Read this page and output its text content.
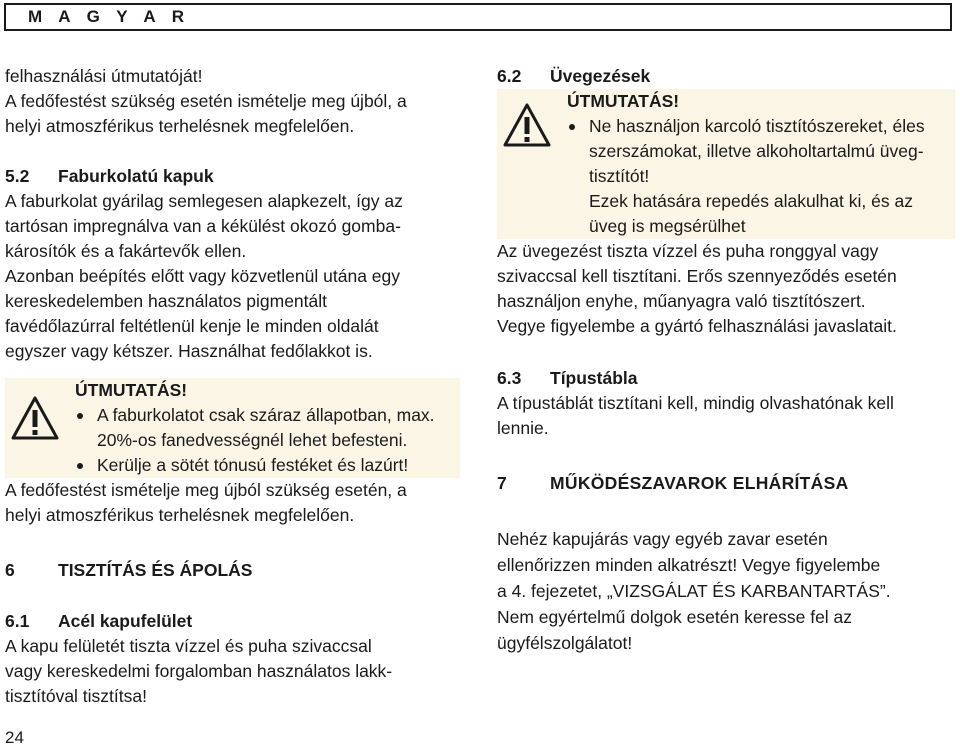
M A G Y A R
felhasználási útmutatóját!
A fedőfestést szükség esetén ismételje meg újból, a
helyi atmoszférikus terhelésnek megfelelően.
5.2 Faburkolatú kapuk
A faburkolat gyárilag semlegesen alapkezelt, így az
tartósan impregnálva van a kékülést okozó gomba-
károsítók és a fakártevők ellen.
Azonban beépítés előtt vagy közvetlenül utána egy
kereskedelemben használatos pigmentált
favédőlazúrral feltétlenül kenje le minden oldalát
egyszer vagy kétszer. Használhat fedőlakkot is.
ÚTMUTATÁS!
A faburkolatot csak száraz állapotban, max.
20%-os fanedvességnél lehet befesteni.
Kerülje a sötét tónusú festéket és lazúrt!
A fedőfestést ismételje meg újból szükség esetén, a
helyi atmoszférikus terhelésnek megfelelően.
6 TISZTÍTÁS ÉS ÁPOLÁS
6.1 Acél kapufelület
A kapu felületét tiszta vízzel és puha szivaccsal
vagy kereskedelmi forgalomban használatos lakk-
tisztítóval tisztítsa!
24
6.2 Üvegezések
ÚTMUTATÁS!
Ne használjon karcoló tisztítószereket, éles
szerszámokat, illetve alkoholtartalmú üveg-
tisztítót!
Ezek hatására repedés alakulhat ki, és az
üveg is megsérülhet
Az üvegezést tiszta vízzel és puha ronggyal vagy
szivaccsal kell tisztítani. Erős szennyeződés esetén
használjon enyhe, műanyagra való tisztítószert.
Vegye figyelembe a gyártó felhasználási javaslatait.
6.3 Típustábla
A típustáblát tisztítani kell, mindig olvashatónak kell
lennie.
7 MŰKÖDÉSZAVAROK ELHÁRÍTÁSA
Nehéz kapujárás vagy egyéb zavar esetén
ellenőrizzen minden alkatrészt! Vegye figyelembe
a 4. fejezetet, „VIZSGÁLAT ÉS KARBANTARTÁS”.
Nem egyértelmű dolgok esetén keresse fel az
ügyfélszolgálatot!
